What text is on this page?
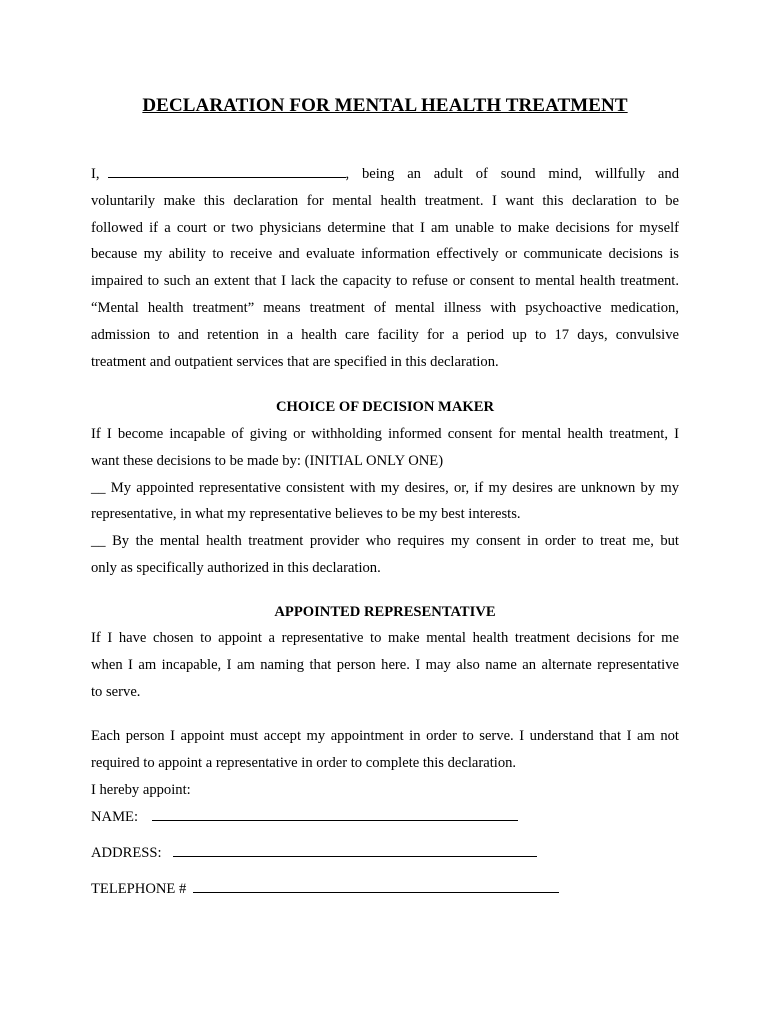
DECLARATION FOR MENTAL HEALTH TREATMENT
I,	, being an adult of sound mind, willfully and
voluntarily make this declaration for mental health treatment. I want this declaration to be
followed if a court or two physicians determine that I am unable to make decisions for myself
because my ability to receive and evaluate information effectively or communicate decisions is
impaired to such an extent that I lack the capacity to refuse or consent to mental health treatment.
“Mental health treatment” means treatment of mental illness with psychoactive medication,
admission to and retention in a health care facility for a period up to 17 days, convulsive
treatment and outpatient services that are specified in this declaration.
CHOICE OF DECISION MAKER
If I become incapable of giving or withholding informed consent for mental health treatment, I
want these decisions to be made by: (INITIAL ONLY ONE)
__ My appointed representative consistent with my desires, or, if my desires are unknown by my
representative, in what my representative believes to be my best interests.
__ By the mental health treatment provider who requires my consent in order to treat me, but
only as specifically authorized in this declaration.
APPOINTED REPRESENTATIVE
If I have chosen to appoint a representative to make mental health treatment decisions for me
when I am incapable, I am naming that person here. I may also name an alternate representative
to serve.
Each person I appoint must accept my appointment in order to serve. I understand that I am not
required to appoint a representative in order to complete this declaration.
I hereby appoint:
NAME:
ADDRESS:
TELEPHONE #
